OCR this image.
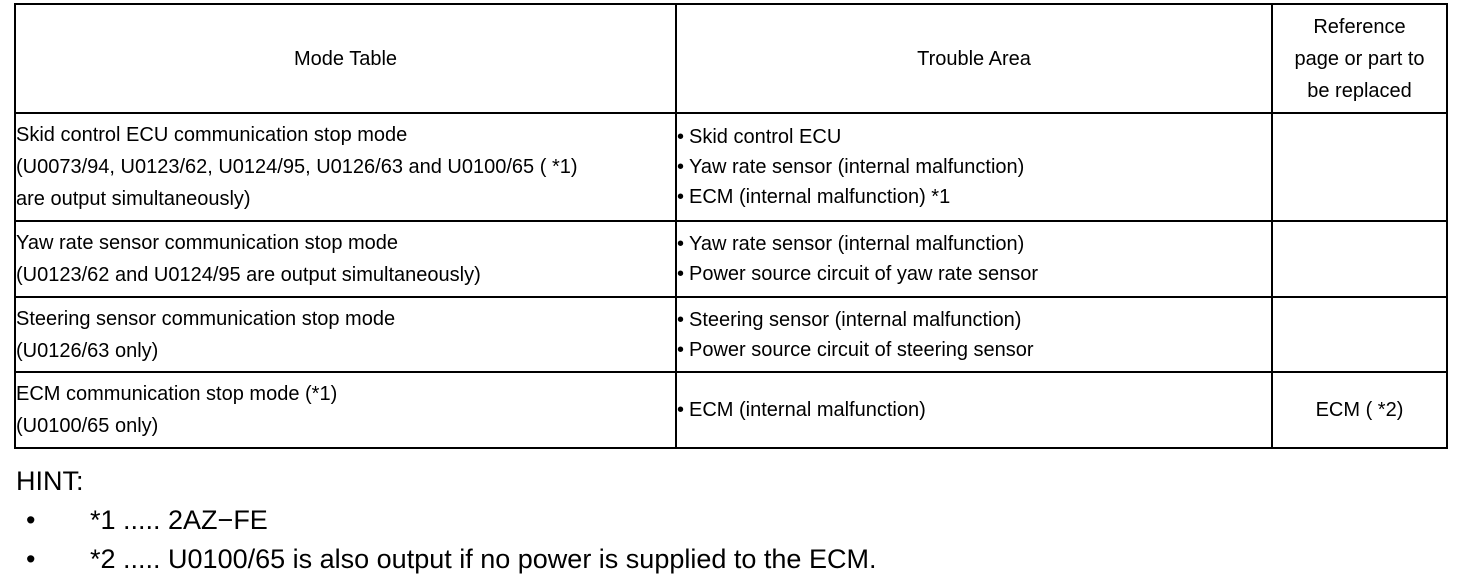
Mode Table	Trouble Area	Reference
page or part to
be replaced

Skid control ECU communication stop mode
(U0073/94, U0123/62, U0124/95, U0126/63 and U0100/65 ( *1)
are output simultaneously)	• Skid control ECU
• Yaw rate sensor (internal malfunction)
• ECM (internal malfunction) *1	

Yaw rate sensor communication stop mode
(U0123/62 and U0124/95 are output simultaneously)	• Yaw rate sensor (internal malfunction)
• Power source circuit of yaw rate sensor	

Steering sensor communication stop mode
(U0126/63 only)	• Steering sensor (internal malfunction)
• Power source circuit of steering sensor	

ECM communication stop mode (*1)
(U0100/65 only)	• ECM (internal malfunction)	ECM ( *2)
HINT:
• *1 ..... 2AZ−FE
• *2 ..... U0100/65 is also output if no power is supplied to the ECM.
